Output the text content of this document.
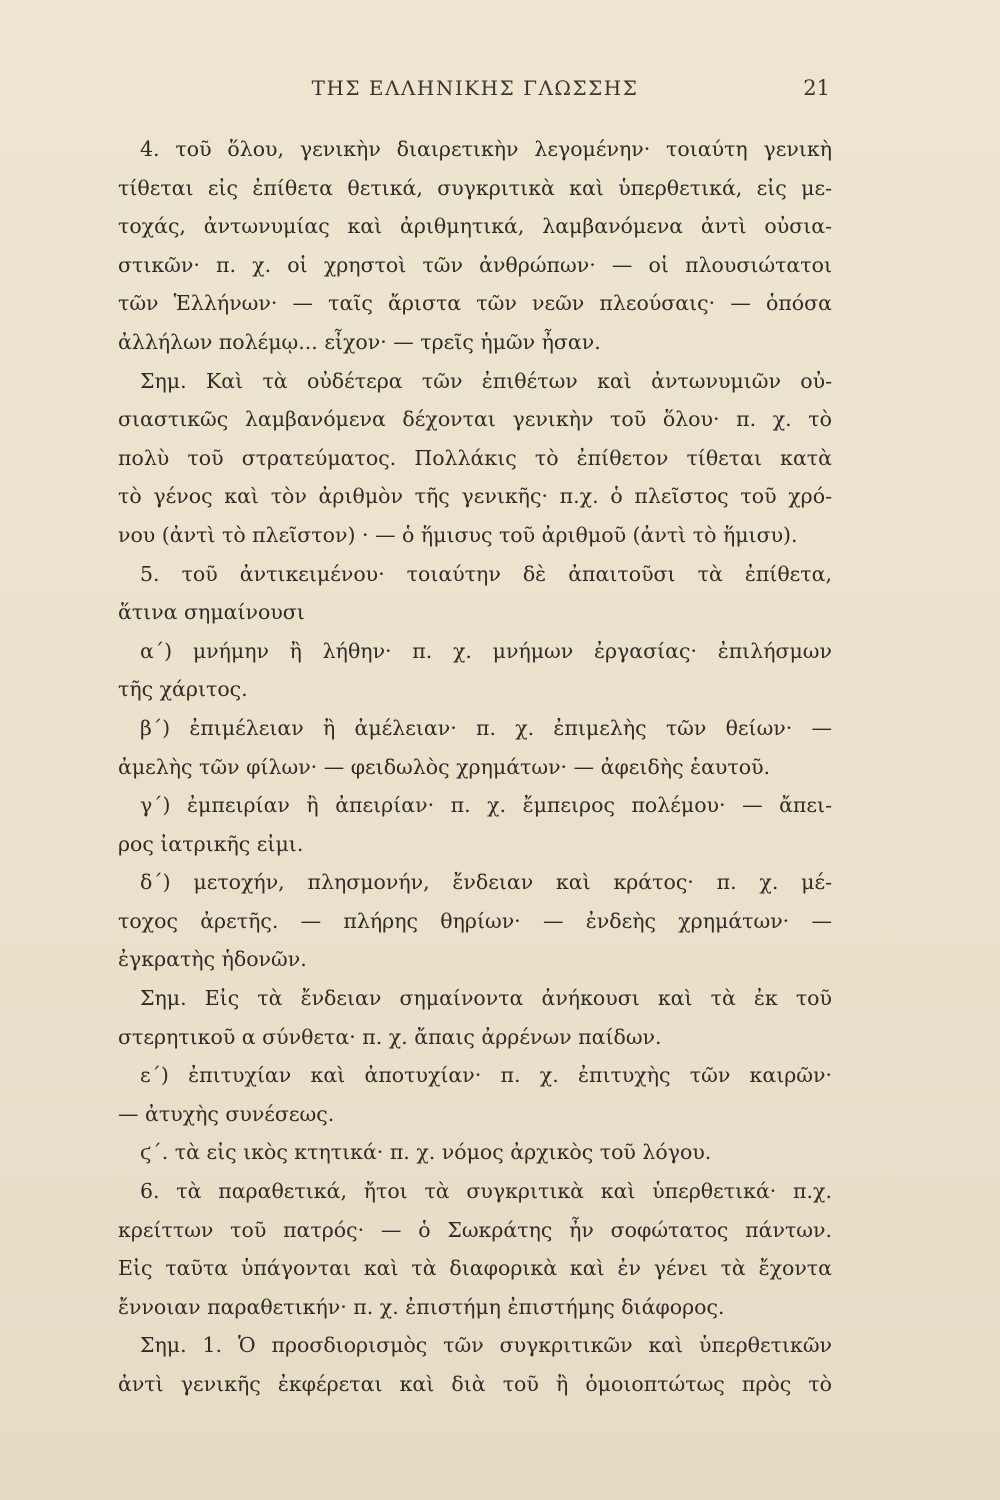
ΤΗΣ ΕΛΛΗΝΙΚΗΣ ΓΛΩΣΣΗΣ	21
4. τοῦ ὅλου, γενικὴν διαιρετικὴν λεγομένην· τοιαύτη γενικὴ
τίθεται εἰς ἐπίθετα θετικά, συγκριτικὰ καὶ ὑπερθετικά, εἰς με-
τοχάς, ἀντωνυμίας καὶ ἀριθμητικά, λαμβανόμενα ἀντὶ οὐσια-
στικῶν· π. χ. οἱ χρηστοὶ τῶν ἀνθρώπων· — οἱ πλουσιώτατοι
τῶν Ἑλλήνων· — ταῖς ἄριστα τῶν νεῶν πλεούσαις· — ὁπόσα
ἀλλήλων πολέμῳ... εἶχον· — τρεῖς ἡμῶν ἦσαν.
Σημ. Καὶ τὰ οὐδέτερα τῶν ἐπιθέτων καὶ ἀντωνυμιῶν οὐ-
σιαστικῶς λαμβανόμενα δέχονται γενικὴν τοῦ ὅλου· π. χ. τὸ
πολὺ τοῦ στρατεύματος. Πολλάκις τὸ ἐπίθετον τίθεται κατὰ
τὸ γένος καὶ τὸν ἀριθμὸν τῆς γενικῆς· π.χ. ὁ πλεῖστος τοῦ χρό-
νου (ἀντὶ τὸ πλεῖστον) · — ὁ ἥμισυς τοῦ ἀριθμοῦ (ἀντὶ τὸ ἥμισυ).
5. τοῦ ἀντικειμένου· τοιαύτην δὲ ἀπαιτοῦσι τὰ ἐπίθετα,
ἅτινα σημαίνουσι
α΄) μνήμην ἢ λήθην· π. χ. μνήμων ἐργασίας· ἐπιλήσμων
τῆς χάριτος.
β΄) ἐπιμέλειαν ἢ ἀμέλειαν· π. χ. ἐπιμελὴς τῶν θείων· —
ἀμελὴς τῶν φίλων· — φειδωλὸς χρημάτων· — ἀφειδὴς ἑαυτοῦ.
γ΄) ἐμπειρίαν ἢ ἀπειρίαν· π. χ. ἔμπειρος πολέμου· — ἄπει-
ρος ἰατρικῆς εἰμι.
δ΄) μετοχήν, πλησμονήν, ἔνδειαν καὶ κράτος· π. χ. μέ-
τοχος ἀρετῆς. — πλήρης θηρίων· — ἐνδεὴς χρημάτων· —
ἐγκρατὴς ἡδονῶν.
Σημ. Εἰς τὰ ἔνδειαν σημαίνοντα ἀνήκουσι καὶ τὰ ἐκ τοῦ
στερητικοῦ α σύνθετα· π. χ. ἄπαις ἀρρένων παίδων.
ε΄) ἐπιτυχίαν καὶ ἀποτυχίαν· π. χ. ἐπιτυχὴς τῶν καιρῶν·
— ἀτυχὴς συνέσεως.
ϛ΄. τὰ εἰς ικὸς κτητικά· π. χ. νόμος ἀρχικὸς τοῦ λόγου.
6. τὰ παραθετικά, ἤτοι τὰ συγκριτικὰ καὶ ὑπερθετικά· π.χ.
κρείττων τοῦ πατρός· — ὁ Σωκράτης ἦν σοφώτατος πάντων.
Εἰς ταῦτα ὑπάγονται καὶ τὰ διαφορικὰ καὶ ἐν γένει τὰ ἔχοντα
ἔννοιαν παραθετικήν· π. χ. ἐπιστήμη ἐπιστήμης διάφορος.
Σημ. 1. Ὁ προσδιορισμὸς τῶν συγκριτικῶν καὶ ὑπερθετικῶν
ἀντὶ γενικῆς ἐκφέρεται καὶ διὰ τοῦ ἢ ὁμοιοπτώτως πρὸς τὸ
